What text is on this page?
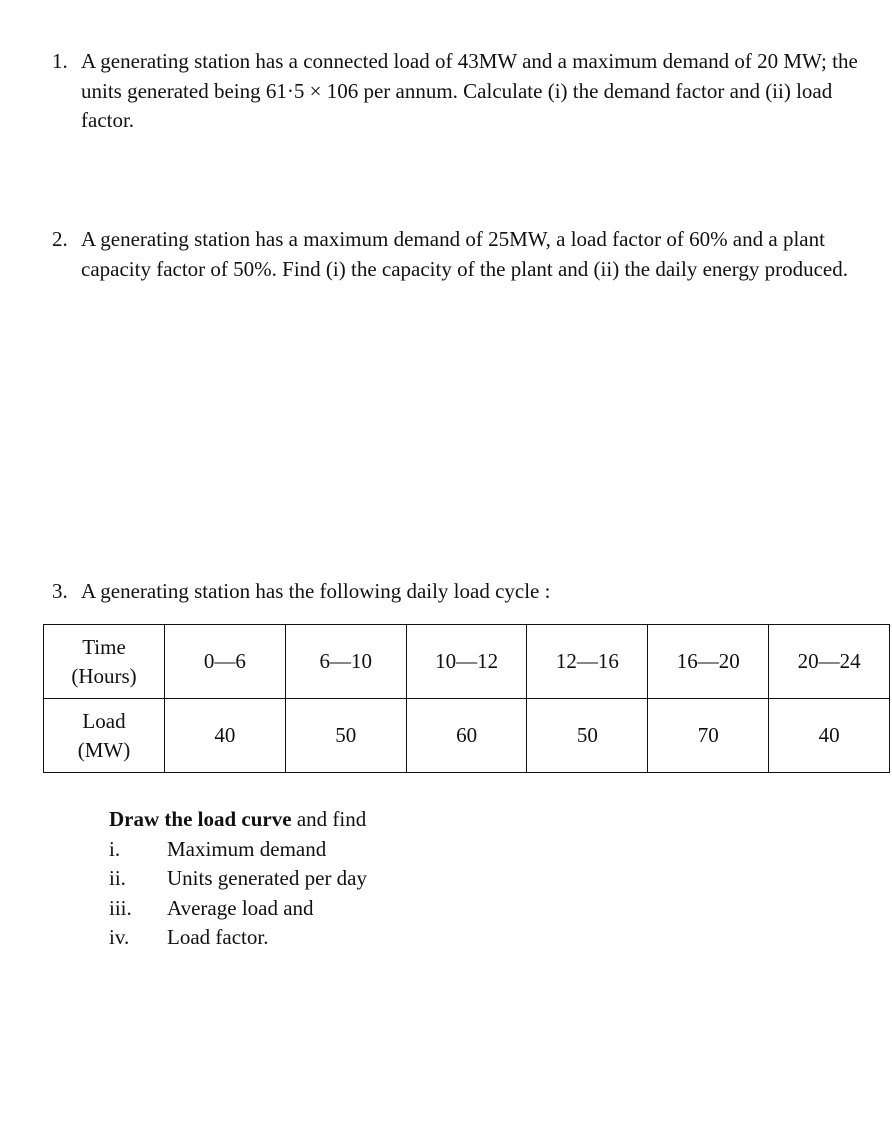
1. A generating station has a connected load of 43MW and a maximum demand of 20 MW; the units generated being 61·5 × 106 per annum. Calculate (i) the demand factor and (ii) load factor.
2. A generating station has a maximum demand of 25MW, a load factor of 60% and a plant capacity factor of 50%. Find (i) the capacity of the plant and (ii) the daily energy produced.
3. A generating station has the following daily load cycle :
Time
(Hours)	0—6	6—10	10—12	12—16	16—20	20—24
Load
(MW)	40	50	60	50	70	40
Draw the load curve and find
i. Maximum demand
ii. Units generated per day
iii. Average load and
iv. Load factor.
